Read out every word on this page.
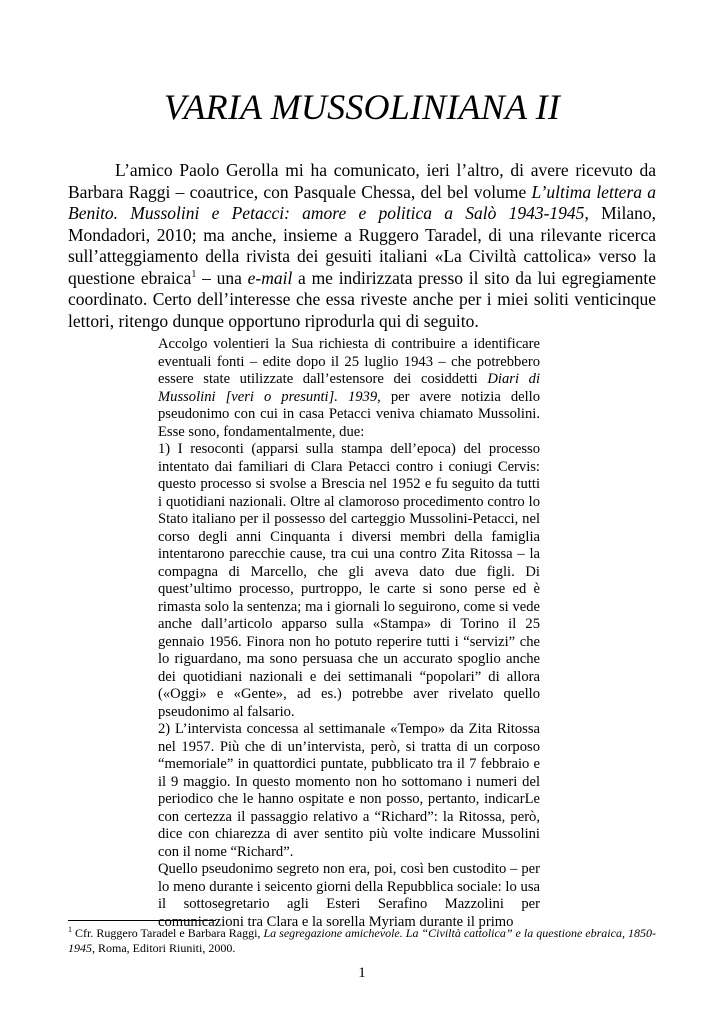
VARIA MUSSOLINIANA II

L’amico Paolo Gerolla mi ha comunicato, ieri l’altro, di avere ricevuto da Barbara Raggi – coautrice, con Pasquale Chessa, del bel volume L’ultima lettera a Benito. Mussolini e Petacci: amore e politica a Salò 1943-1945, Milano, Mondadori, 2010; ma anche, insieme a Ruggero Taradel, di una rilevante ricerca sull’atteggiamento della rivista dei gesuiti italiani «La Civiltà cattolica» verso la questione ebraica$^1$ – una e-mail a me indirizzata presso il sito da lui egregiamente coordinato. Certo dell’interesse che essa riveste anche per i miei soliti venticinque lettori, ritengo dunque opportuno riprodurla qui di seguito.

Accolgo volentieri la Sua richiesta di contribuire a identificare eventuali fonti – edite dopo il 25 luglio 1943 – che potrebbero essere state utilizzate dall’estensore dei cosiddetti Diari di Mussolini [veri o presunti]. 1939, per avere notizia dello pseudonimo con cui in casa Petacci veniva chiamato Mussolini. Esse sono, fondamentalmente, due:

1) I resoconti (apparsi sulla stampa dell’epoca) del processo intentato dai familiari di Clara Petacci contro i coniugi Cervis: questo processo si svolse a Brescia nel 1952 e fu seguito da tutti i quotidiani nazionali. Oltre al clamoroso procedimento contro lo Stato italiano per il possesso del carteggio Mussolini-Petacci, nel corso degli anni Cinquanta i diversi membri della famiglia intentarono parecchie cause, tra cui una contro Zita Ritossa – la compagna di Marcello, che gli aveva dato due figli. Di quest’ultimo processo, purtroppo, le carte si sono perse ed è rimasta solo la sentenza; ma i giornali lo seguirono, come si vede anche dall’articolo apparso sulla «Stampa» di Torino il 25 gennaio 1956. Finora non ho potuto reperire tutti i “servizi” che lo riguardano, ma sono persuasa che un accurato spoglio anche dei quotidiani nazionali e dei settimanali “popolari” di allora («Oggi» e «Gente», ad es.) potrebbe aver rivelato quello pseudonimo al falsario.

2) L’intervista concessa al settimanale «Tempo» da Zita Ritossa nel 1957. Più che di un’intervista, però, si tratta di un corposo “memoriale” in quattordici puntate, pubblicato tra il 7 febbraio e il 9 maggio. In questo momento non ho sottomano i numeri del periodico che le hanno ospitate e non posso, pertanto, indicarLe con certezza il passaggio relativo a “Richard”: la Ritossa, però, dice con chiarezza di aver sentito più volte indicare Mussolini con il nome “Richard”.

Quello pseudonimo segreto non era, poi, così ben custodito – per lo meno durante i seicento giorni della Repubblica sociale: lo usa il sottosegretario agli Esteri Serafino Mazzolini per comunicazioni tra Clara e la sorella Myriam durante il primo

$^1$ Cfr. Ruggero Taradel e Barbara Raggi, La segregazione amichevole. La “Civiltà cattolica” e la questione ebraica, 1850-1945, Roma, Editori Riuniti, 2000.

1
